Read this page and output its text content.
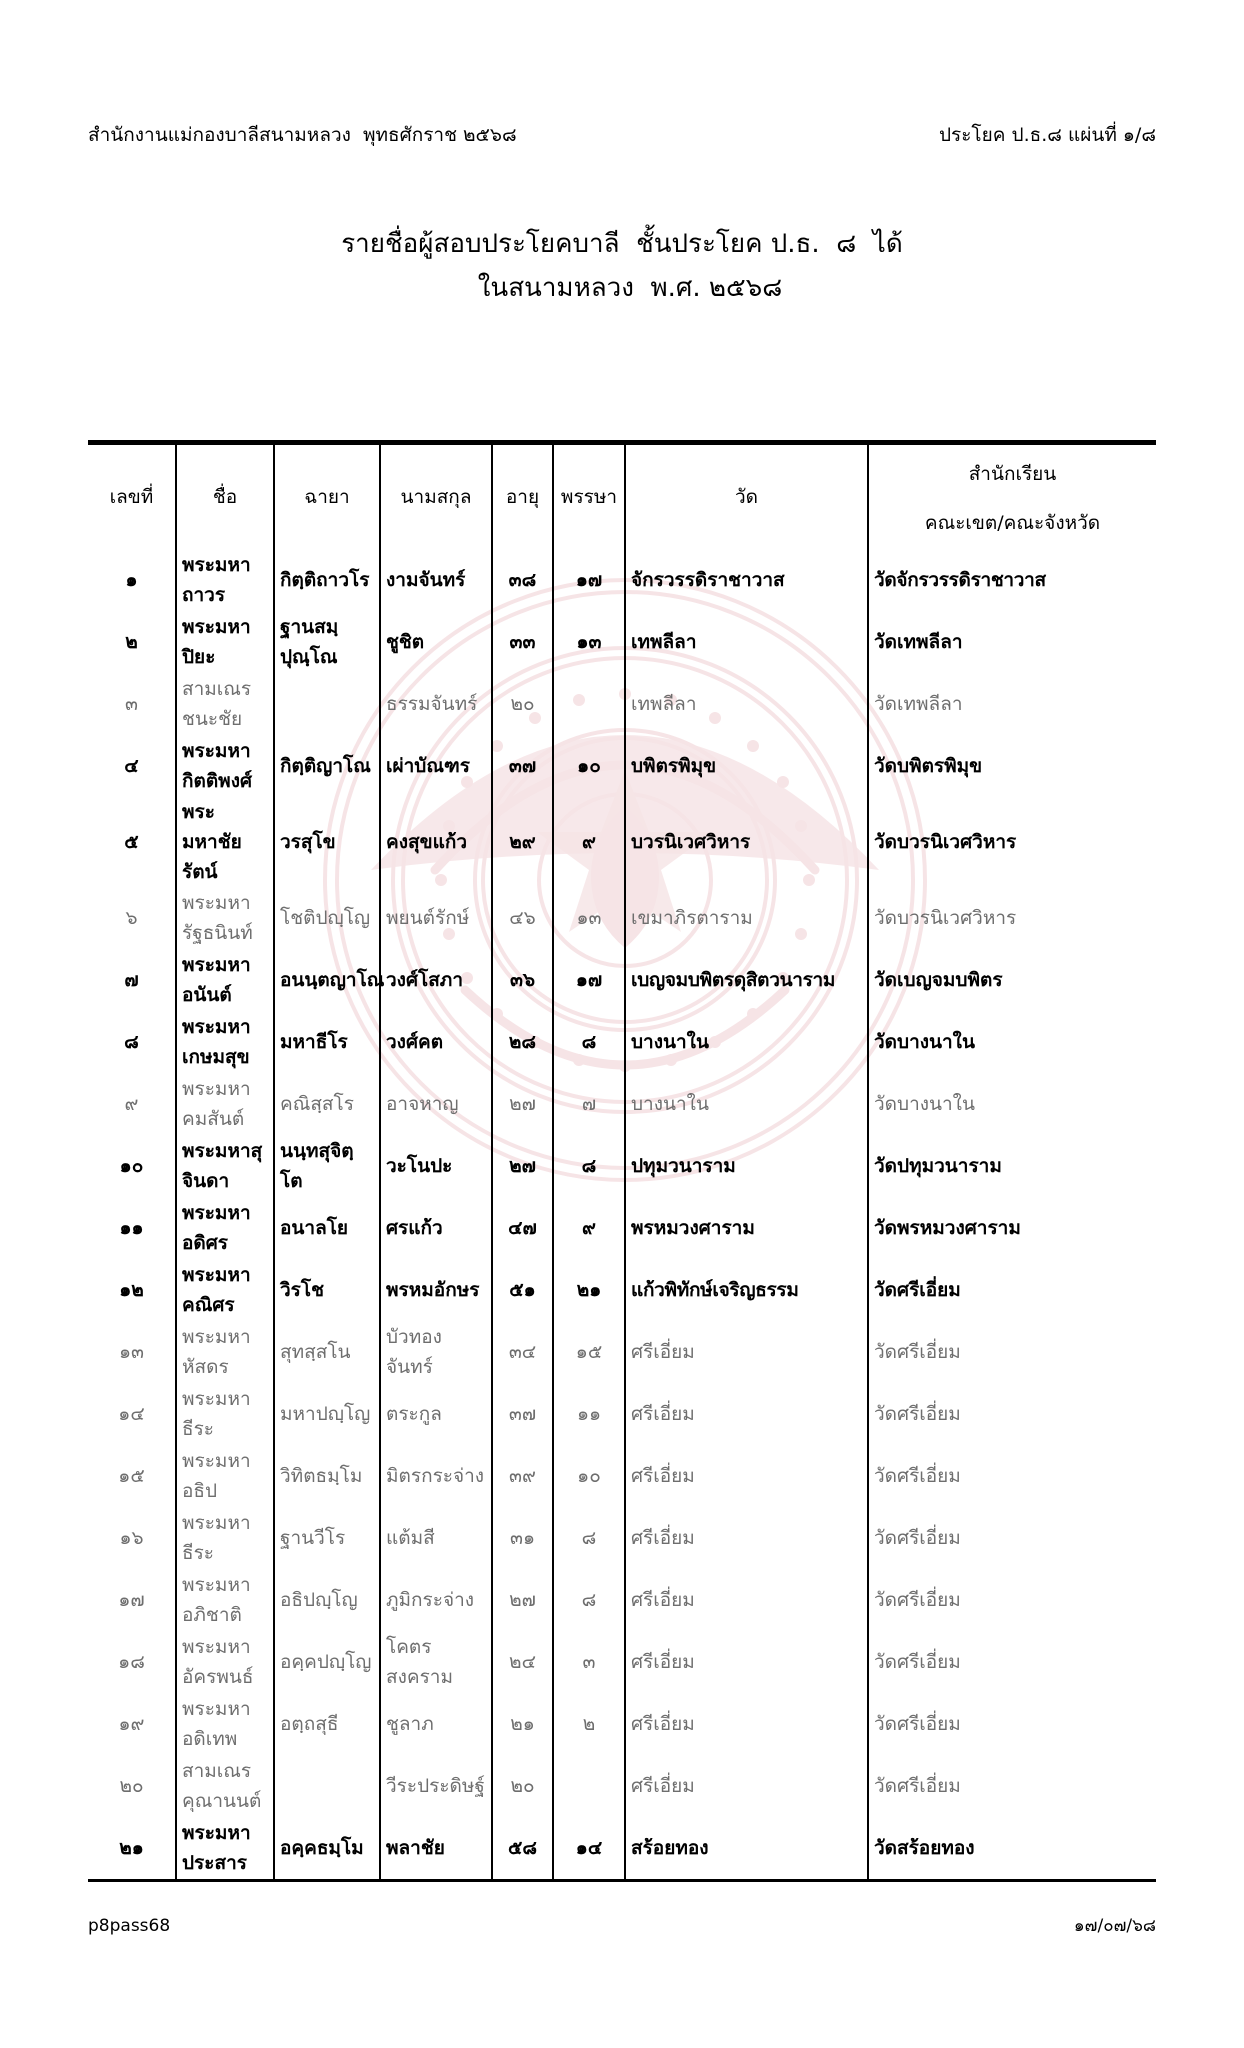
สำนักงานแม่กองบาลีสนามหลวง  พุทธศักราช ๒๕๖๘	ประโยค ป.ธ.๘ แผ่นที่ ๑/๘
รายชื่อผู้สอบประโยคบาลี  ชั้นประโยค ป.ธ.  ๘  ได้
ในสนามหลวง  พ.ศ. ๒๕๖๘
เลขที่	ชื่อ	ฉายา	นามสกุล	อายุ	พรรษา	วัด	สำนักเรียน
คณะเขต/คณะจังหวัด

๑	พระมหาถาวร	กิตฺติถาวโร	งามจันทร์	๓๘	๑๗	จักรวรรดิราชาวาส	วัดจักรวรรดิราชาวาส
๒	พระมหาปิยะ	ฐานสมฺปุณฺโณ	ชูชิต	๓๓	๑๓	เทพลีลา	วัดเทพลีลา
๓	สามเณรชนะชัย		ธรรมจันทร์	๒๐		เทพลีลา	วัดเทพลีลา
๔	พระมหากิตติพงศ์	กิตฺติญาโณ	เผ่าบัณฑร	๓๗	๑๐	บพิตรพิมุข	วัดบพิตรพิมุข
๕	พระมหาชัยรัตน์	วรสุโข	คงสุขแก้ว	๒๙	๙	บวรนิเวศวิหาร	วัดบวรนิเวศวิหาร
๖	พระมหารัฐธนินท์	โชติปญฺโญ	พยนต์รักษ์	๔๖	๑๓	เขมาภิรตาราม	วัดบวรนิเวศวิหาร
๗	พระมหาอนันต์	อนนฺตญาโณ	วงศ์โสภา	๓๖	๑๗	เบญจมบพิตรดุสิตวนาราม	วัดเบญจมบพิตร
๘	พระมหาเกษมสุข	มหาธีโร	วงศ์คต	๒๘	๘	บางนาใน	วัดบางนาใน
๙	พระมหาคมสันต์	คณิสฺสโร	อาจหาญ	๒๗	๗	บางนาใน	วัดบางนาใน
๑๐	พระมหาสุจินดา	นนฺทสุจิตฺโต	วะโนปะ	๒๗	๘	ปทุมวนาราม	วัดปทุมวนาราม
๑๑	พระมหาอดิศร	อนาลโย	ศรแก้ว	๔๗	๙	พรหมวงศาราม	วัดพรหมวงศาราม
๑๒	พระมหาคณิศร	วิรโช	พรหมอักษร	๕๑	๒๑	แก้วพิทักษ์เจริญธรรม	วัดศรีเอี่ยม
๑๓	พระมหาหัสดร	สุทสฺสโน	บัวทองจันทร์	๓๔	๑๕	ศรีเอี่ยม	วัดศรีเอี่ยม
๑๔	พระมหาธีระ	มหาปญฺโญ	ตระกูล	๓๗	๑๑	ศรีเอี่ยม	วัดศรีเอี่ยม
๑๕	พระมหาอธิป	วิทิตธมฺโม	มิตรกระจ่าง	๓๙	๑๐	ศรีเอี่ยม	วัดศรีเอี่ยม
๑๖	พระมหาธีระ	ฐานวีโร	แต้มสี	๓๑	๘	ศรีเอี่ยม	วัดศรีเอี่ยม
๑๗	พระมหาอภิชาติ	อธิปญฺโญ	ภูมิกระจ่าง	๒๗	๘	ศรีเอี่ยม	วัดศรีเอี่ยม
๑๘	พระมหาอัครพนธ์	อคฺคปญฺโญ	โคตรสงคราม	๒๔	๓	ศรีเอี่ยม	วัดศรีเอี่ยม
๑๙	พระมหาอดิเทพ	อตฺถสุธี	ชูลาภ	๒๑	๒	ศรีเอี่ยม	วัดศรีเอี่ยม
๒๐	สามเณรคุณานนต์		วีระประดิษฐ์	๒๐		ศรีเอี่ยม	วัดศรีเอี่ยม
๒๑	พระมหาประสาร	อคฺคธมฺโม	พลาชัย	๕๘	๑๔	สร้อยทอง	วัดสร้อยทอง
p8pass68	๑๗/๐๗/๖๘
